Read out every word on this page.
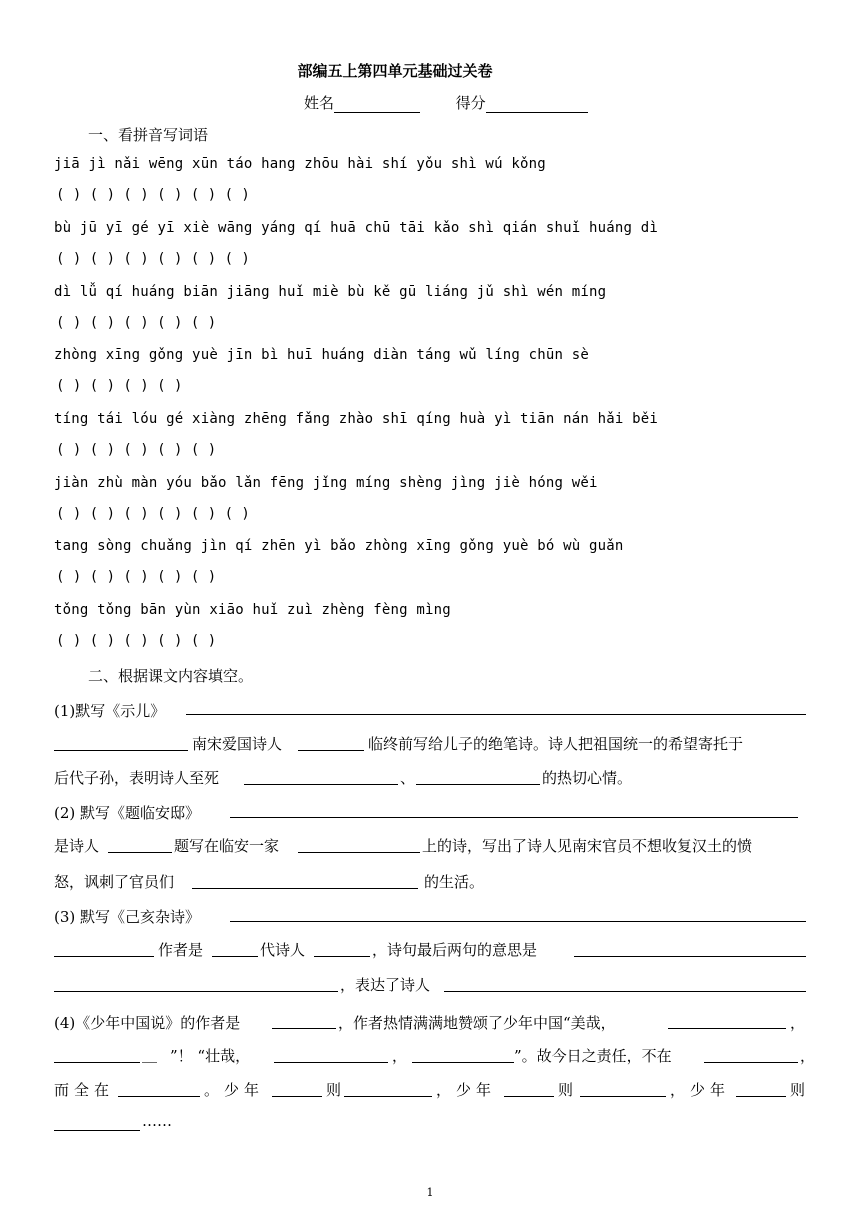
部编五上第四单元基础过关卷
姓名	得分
一、看拼音写词语
jiā jì nǎi wēng xūn táo hang zhōu hài shí yǒu shì wú kǒng
( ) ( ) ( ) ( ) ( ) ( )
bù jū yī gé yī xiè wāng yáng qí huā chū tāi kǎo shì qián shuǐ huáng dì
( ) ( ) ( ) ( ) ( ) ( )
dì lǚ qí huáng biān jiāng huǐ miè bù kě gū liáng jǔ shì wén míng
( ) ( ) ( ) ( ) ( )
zhòng xīng gǒng yuè jīn bì huī huáng diàn táng wǔ líng chūn sè
( ) ( ) ( ) ( )
tíng tái lóu gé xiàng zhēng fǎng zhào shī qíng huà yì tiān nán hǎi běi
( ) ( ) ( ) ( ) ( )
jiàn zhù màn yóu bǎo lǎn fēng jǐng míng shèng jìng jiè hóng wěi
( ) ( ) ( ) ( ) ( ) ( )
tang sòng chuǎng jìn qí zhēn yì bǎo zhòng xīng gǒng yuè bó wù guǎn
( ) ( ) ( ) ( ) ( )
tǒng tǒng bān yùn xiāo huǐ zuì zhèng fèng mìng
( ) ( ) ( ) ( ) ( )
二、根据课文内容填空。
(1)默写《示儿》
南宋爱国诗人	临终前写给儿子的绝笔诗。诗人把祖国统一的希望寄托于
后代子孙，表明诗人至死	、	的热切心情。
(2) 默写《题临安邸》
是诗人	题写在临安一家	上的诗，写出了诗人见南宋官员不想收复汉土的愤
怒，讽刺了官员们	的生活。
(3) 默写《己亥杂诗》
作者是	代诗人	，诗句最后两句的意思是
，表达了诗人
(4)《少年中国说》的作者是	，作者热情满满地赞颂了少年中国“美哉，	，
__ ”！ “壮哉，	，	”。故今日之责任，不在	，
而全在	。少年	则	，少年	则	，少年	则
……
1
